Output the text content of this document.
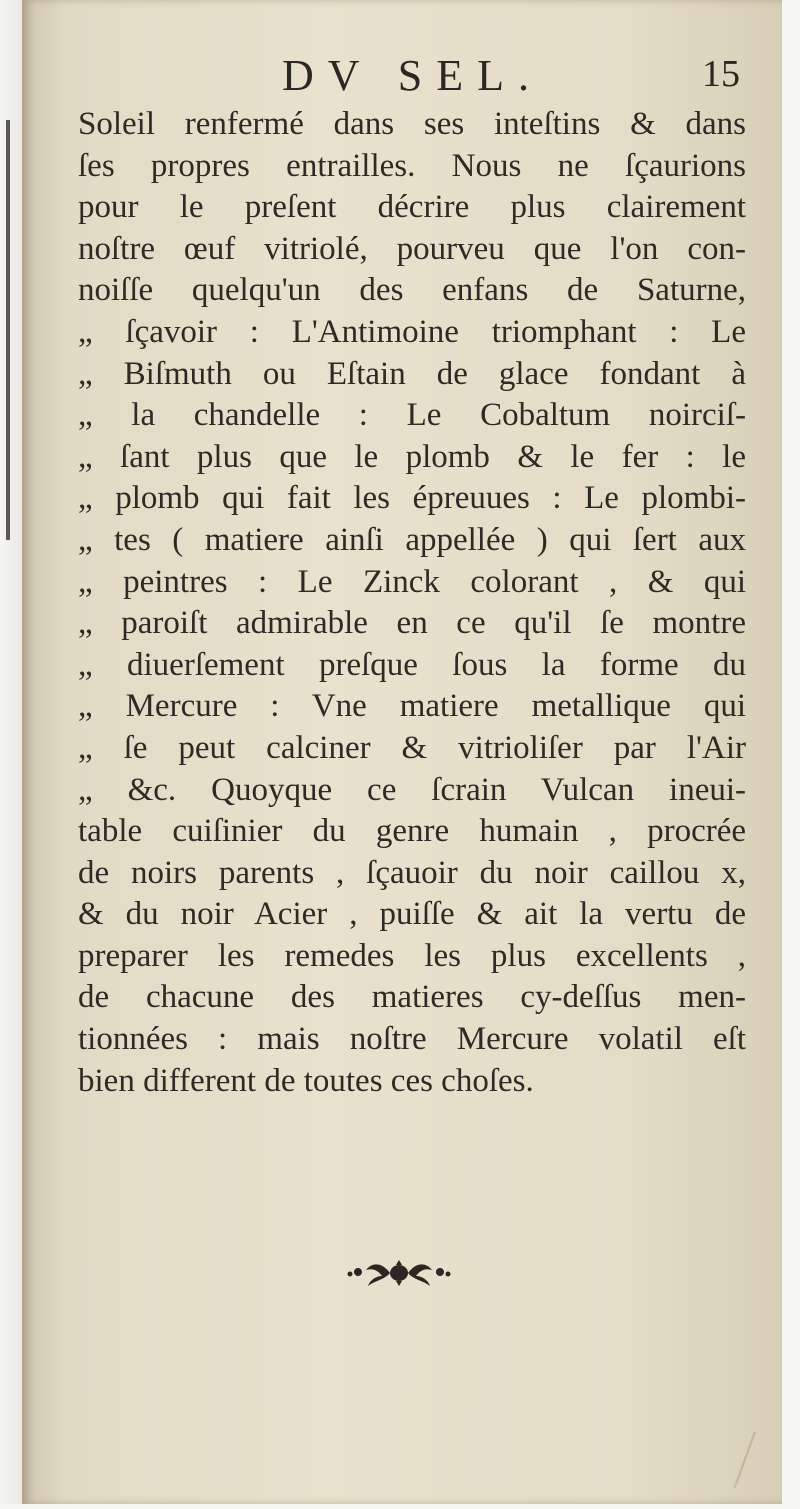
DV SEL.	15
Soleil renfermé dans ses inteſtins & dans
ſes propres entrailles. Nous ne ſçaurions
pour le preſent décrire plus clairement
noſtre œuf vitriolé, pourveu que l'on con-
noiſſe quelqu'un des enfans de Saturne,
„ ſçavoir : L'Antimoine triomphant : Le
„ Biſmuth ou Eſtain de glace fondant à
„ la chandelle : Le Cobaltum noirciſ-
„ ſant plus que le plomb & le fer : le
„ plomb qui fait les épreuues : Le plombi-
„ tes ( matiere ainſi appellée ) qui ſert aux
„ peintres : Le Zinck colorant , & qui
„ paroiſt admirable en ce qu'il ſe montre
„ diuerſement preſque ſous la forme du
„ Mercure : Vne matiere metallique qui
„ ſe peut calciner & vitrioliſer par l'Air
„ &c. Quoyque ce ſcrain Vulcan ineui-
table cuiſinier du genre humain , procrée
de noirs parents , ſçauoir du noir caillou x,
& du noir Acier , puiſſe & ait la vertu de
preparer les remedes les plus excellents ,
de chacune des matieres cy-deſſus men-
tionnées : mais noſtre Mercure volatil eſt
bien different de toutes ces choſes.
